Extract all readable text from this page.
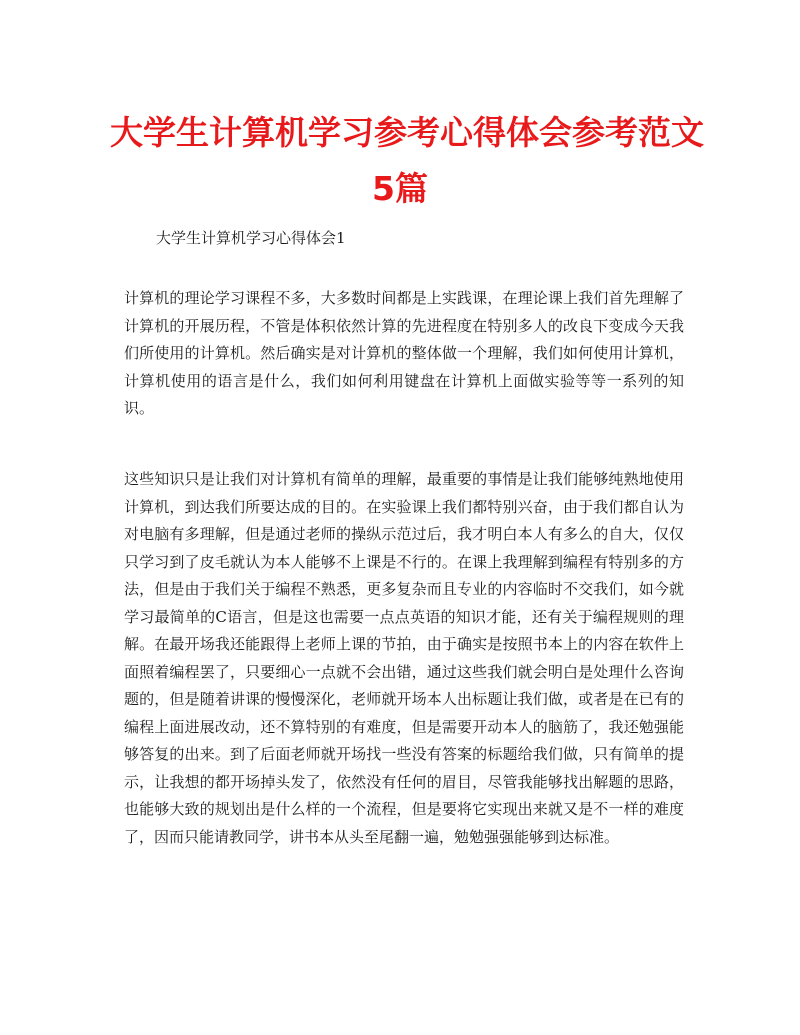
大学生计算机学习参考心得体会参考范文
5篇
大学生计算机学习心得体会1

计算机的理论学习课程不多，大多数时间都是上实践课，在理论课上我们首先理解了计算机的开展历程，不管是体积依然计算的先进程度在特别多人的改良下变成今天我们所使用的计算机。然后确实是对计算机的整体做一个理解，我们如何使用计算机，计算机使用的语言是什么，我们如何利用键盘在计算机上面做实验等等一系列的知识。

这些知识只是让我们对计算机有简单的理解，最重要的事情是让我们能够纯熟地使用计算机，到达我们所要达成的目的。在实验课上我们都特别兴奋，由于我们都自认为对电脑有多理解，但是通过老师的操纵示范过后，我才明白本人有多么的自大，仅仅只学习到了皮毛就认为本人能够不上课是不行的。在课上我理解到编程有特别多的方法，但是由于我们关于编程不熟悉，更多复杂而且专业的内容临时不交我们，如今就学习最简单的C语言，但是这也需要一点点英语的知识才能，还有关于编程规则的理解。在最开场我还能跟得上老师上课的节拍，由于确实是按照书本上的内容在软件上面照着编程罢了，只要细心一点就不会出错，通过这些我们就会明白是处理什么咨询题的，但是随着讲课的慢慢深化，老师就开场本人出标题让我们做，或者是在已有的编程上面进展改动，还不算特别的有难度，但是需要开动本人的脑筋了，我还勉强能够答复的出来。到了后面老师就开场找一些没有答案的标题给我们做，只有简单的提示，让我想的都开场掉头发了，依然没有任何的眉目，尽管我能够找出解题的思路，也能够大致的规划出是什么样的一个流程，但是要将它实现出来就又是不一样的难度了，因而只能请教同学，讲书本从头至尾翻一遍，勉勉强强能够到达标准。
